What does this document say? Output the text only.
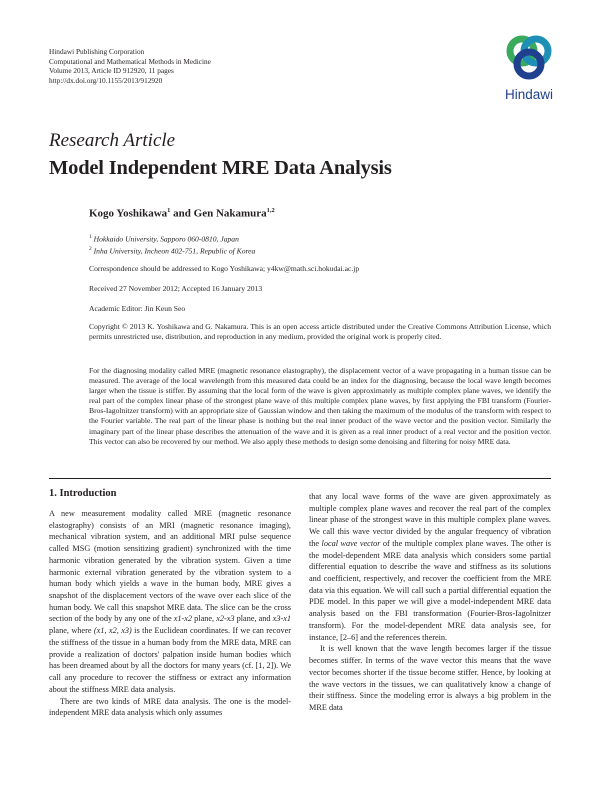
Hindawi Publishing Corporation
Computational and Mathematical Methods in Medicine
Volume 2013, Article ID 912920, 11 pages
http://dx.doi.org/10.1155/2013/912920
Hindawi
Research Article
Model Independent MRE Data Analysis
Kogo Yoshikawa$^1$ and Gen Nakamura$^{1,2}$
$^1$ Hokkaido University, Sapporo 060-0810, Japan
$^2$ Inha University, Incheon 402-751, Republic of Korea
Correspondence should be addressed to Kogo Yoshikawa; y4kw@math.sci.hokudai.ac.jp
Received 27 November 2012; Accepted 16 January 2013
Academic Editor: Jin Keun Seo
Copyright © 2013 K. Yoshikawa and G. Nakamura. This is an open access article distributed under the Creative Commons Attribution License, which permits unrestricted use, distribution, and reproduction in any medium, provided the original work is properly cited.
For the diagnosing modality called MRE (magnetic resonance elastography), the displacement vector of a wave propagating in a human tissue can be measured. The average of the local wavelength from this measured data could be an index for the diagnosing, because the local wave length becomes larger when the tissue is stiffer. By assuming that the local form of the wave is given approximately as multiple complex plane waves, we identify the real part of the complex linear phase of the strongest plane wave of this multiple complex plane waves, by first applying the FBI transform (Fourier-Bros-Iagolnitzer transform) with an appropriate size of Gaussian window and then taking the maximum of the modulus of the transform with respect to the Fourier variable. The real part of the linear phase is nothing but the real inner product of the wave vector and the position vector. Similarly the imaginary part of the linear phase describes the attenuation of the wave and it is given as a real inner product of a real vector and the position vector. This vector can also be recovered by our method. We also apply these methods to design some denoising and filtering for noisy MRE data.
1. Introduction

A new measurement modality called MRE (magnetic resonance elastography) consists of an MRI (magnetic resonance imaging), mechanical vibration system, and an additional MRI pulse sequence called MSG (motion sensitizing gradient) synchronized with the time harmonic vibration generated by the vibration system. Given a time harmonic external vibration generated by the vibration system to a human body which yields a wave in the human body, MRE gives a snapshot of the displacement vectors of the wave over each slice of the human body. We call this snapshot MRE data. The slice can be the cross section of the body by any one of the x1-x2 plane, x2-x3 plane, and x3-x1 plane, where (x1, x2, x3) is the Euclidean coordinates. If we can recover the stiffness of the tissue in a human body from the MRE data, MRE can provide a realization of doctors' palpation inside human bodies which has been dreamed about by all the doctors for many years (cf. [1, 2]). We call any procedure to recover the stiffness or extract any information about the stiffness MRE data analysis.

There are two kinds of MRE data analysis. The one is the model-independent MRE data analysis which only assumes

that any local wave forms of the wave are given approximately as multiple complex plane waves and recover the real part of the complex linear phase of the strongest wave in this multiple complex plane waves. We call this wave vector divided by the angular frequency of vibration the local wave vector of the multiple complex plane waves. The other is the model-dependent MRE data analysis which considers some partial differential equation to describe the wave and stiffness as its solutions and coefficient, respectively, and recover the coefficient from the MRE data via this equation. We will call such a partial differential equation the PDE model. In this paper we will give a model-independent MRE data analysis based on the FBI transformation (Fourier-Bros-Iagolnitzer transform). For the model-dependent MRE data analysis see, for instance, [2–6] and the references therein.

It is well known that the wave length becomes larger if the tissue becomes stiffer. In terms of the wave vector this means that the wave vector becomes shorter if the tissue become stiffer. Hence, by looking at the wave vectors in the tissues, we can qualitatively know a change of their stiffness. Since the modeling error is always a big problem in the MRE data
